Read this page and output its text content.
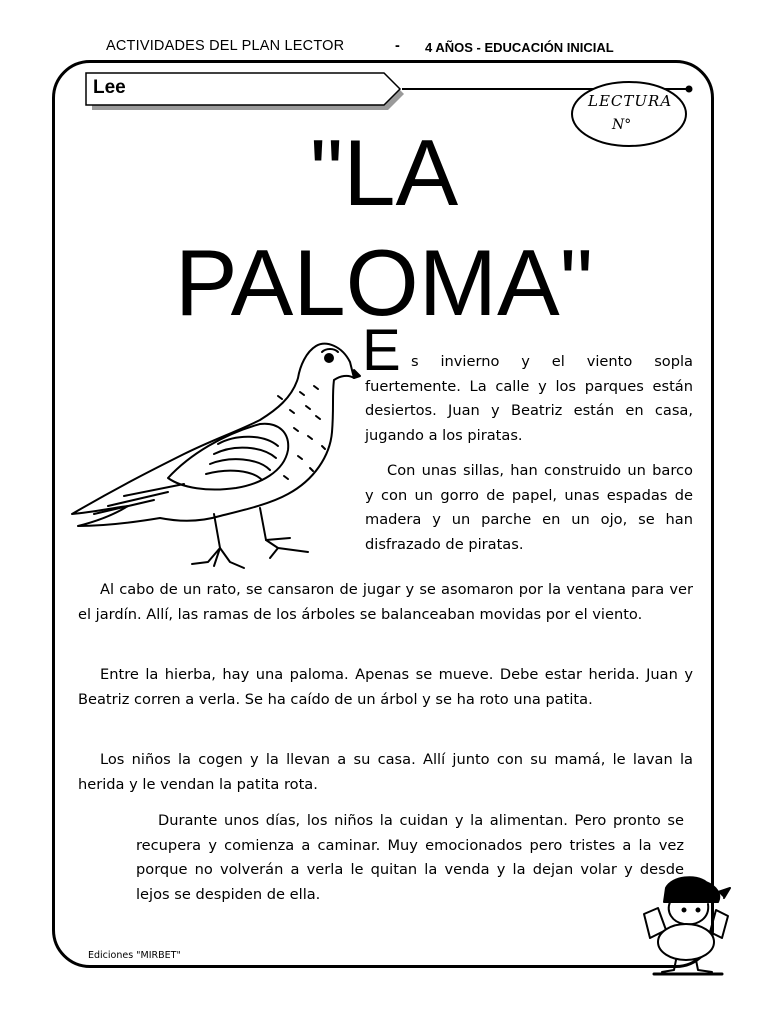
ACTIVIDADES DEL PLAN LECTOR	- 4 AÑOS - EDUCACIÓN INICIAL
Lee
LECTURA
N°
"LA
PALOMA"
E s invierno y el viento sopla fuertemente. La calle y los parques están desiertos. Juan y Beatriz están en casa, jugando a los piratas.
Con unas sillas, han construido un barco y con un gorro de papel, unas espadas de madera y un parche en un ojo, se han disfrazado de piratas.
Al cabo de un rato, se cansaron de jugar y se asomaron por la ventana para ver el jardín. Allí, las ramas de los árboles se balanceaban movidas por el viento.
Entre la hierba, hay una paloma. Apenas se mueve. Debe estar herida. Juan y Beatriz corren a verla. Se ha caído de un árbol y se ha roto una patita.
Los niños la cogen y la llevan a su casa. Allí junto con su mamá, le lavan la herida y le vendan la patita rota.
Durante unos días, los niños la cuidan y la alimentan. Pero pronto se recupera y comienza a caminar. Muy emocionados pero tristes a la vez porque no volverán a verla le quitan la venda y la dejan volar y desde lejos se despiden de ella.
Ediciones "MIRBET"
